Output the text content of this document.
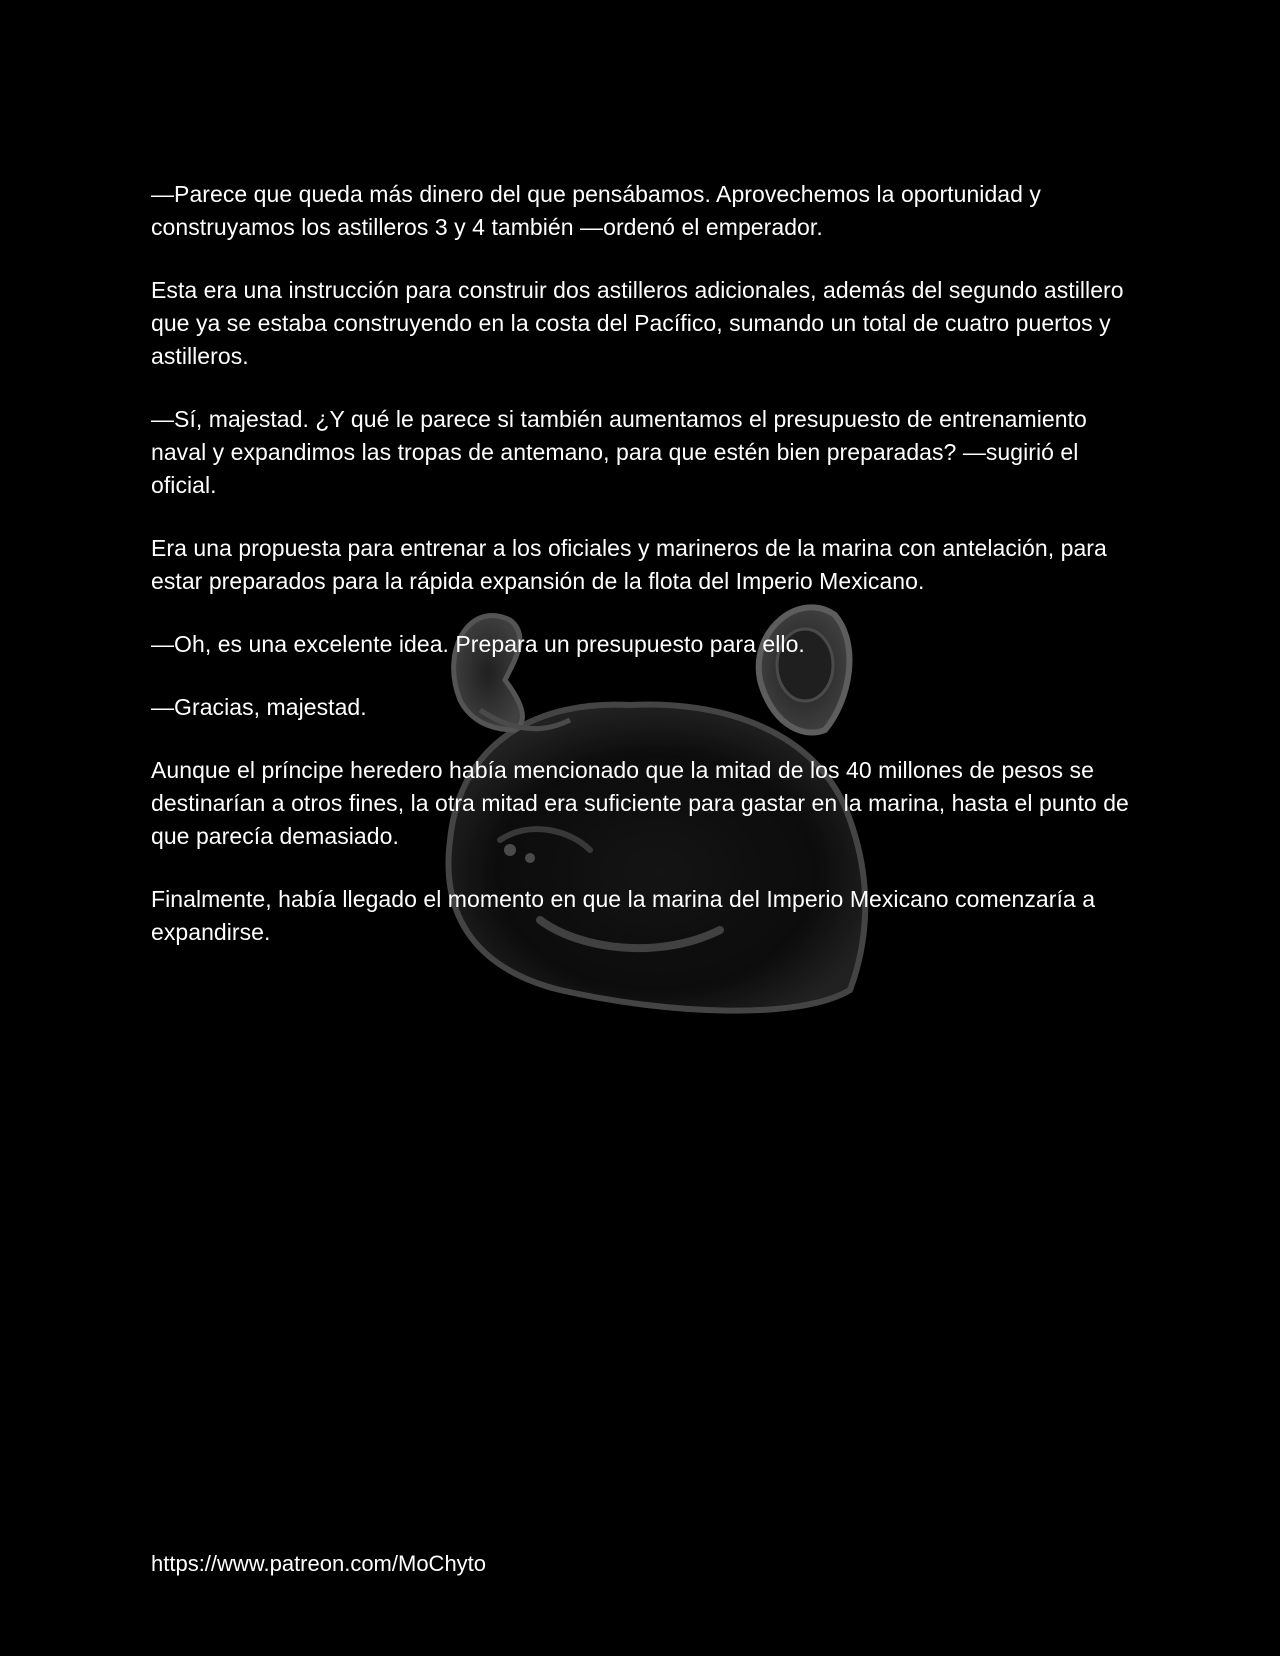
—Parece que queda más dinero del que pensábamos. Aprovechemos la oportunidad y construyamos los astilleros 3 y 4 también —ordenó el emperador.

Esta era una instrucción para construir dos astilleros adicionales, además del segundo astillero que ya se estaba construyendo en la costa del Pacífico, sumando un total de cuatro puertos y astilleros.

—Sí, majestad. ¿Y qué le parece si también aumentamos el presupuesto de entrenamiento naval y expandimos las tropas de antemano, para que estén bien preparadas? —sugirió el oficial.

Era una propuesta para entrenar a los oficiales y marineros de la marina con antelación, para estar preparados para la rápida expansión de la flota del Imperio Mexicano.

—Oh, es una excelente idea. Prepara un presupuesto para ello.

—Gracias, majestad.

Aunque el príncipe heredero había mencionado que la mitad de los 40 millones de pesos se destinarían a otros fines, la otra mitad era suficiente para gastar en la marina, hasta el punto de que parecía demasiado.

Finalmente, había llegado el momento en que la marina del Imperio Mexicano comenzaría a expandirse.

https://www.patreon.com/MoChyto
